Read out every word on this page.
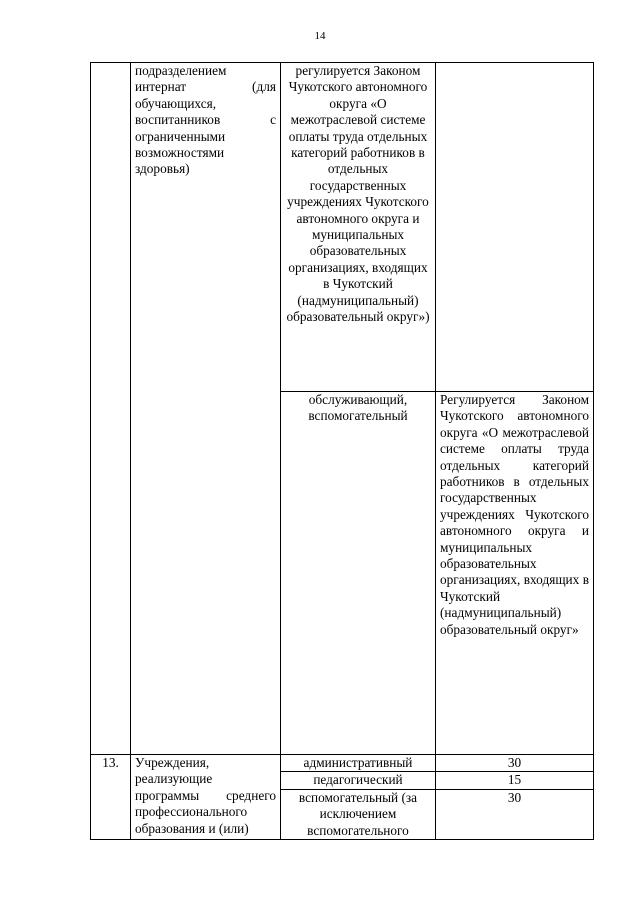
14
	подразделением интернат (для обучающихся, воспитанников с ограниченными возможностями здоровья)	регулируется Законом Чукотского автономного округа «О межотраслевой системе оплаты труда отдельных категорий работников в отдельных государственных учреждениях Чукотского автономного округа и муниципальных образовательных организациях, входящих в Чукотский (надмуниципальный) образовательный округ»)	
		обслуживающий, вспомогательный	Регулируется Законом Чукотского автономного округа «О межотраслевой системе оплаты труда отдельных категорий работников в отдельных государственных учреждениях Чукотского автономного округа и муниципальных образовательных организациях, входящих в Чукотский (надмуниципальный) образовательный округ»
13.	Учреждения, реализующие программы среднего профессионального образования и (или)	административный	30
		педагогический	15
		вспомогательный (за исключением вспомогательного	30
